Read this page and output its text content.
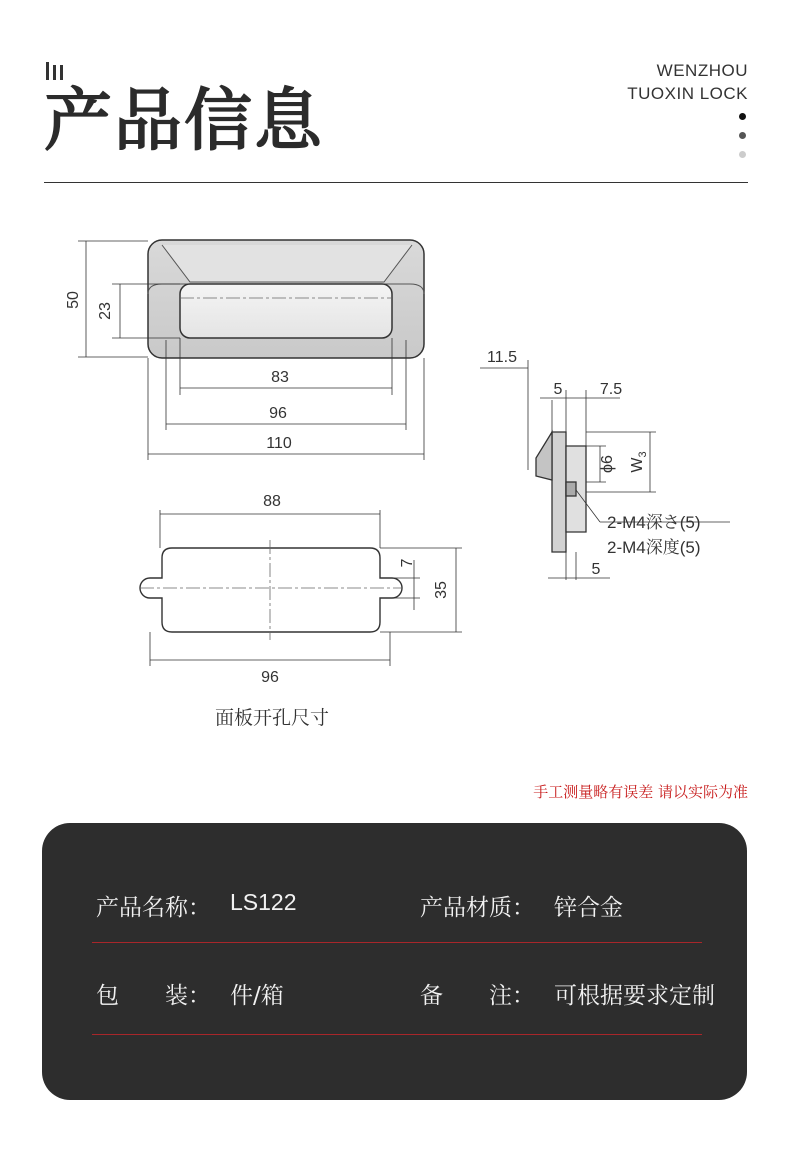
产品信息
WENZHOU
TUOXIN LOCK
50
23
83
96
110
11.5
5 7.5
ϕ6 $W_3$
2-M4深さ(5)
2-M4深度(5)
5
88
7
35
96
面板开孔尺寸
手工测量略有误差 请以实际为准
产品名称： LS122	产品材质： 锌合金
包　　装： 件/箱	备　　注： 可根据要求定制
